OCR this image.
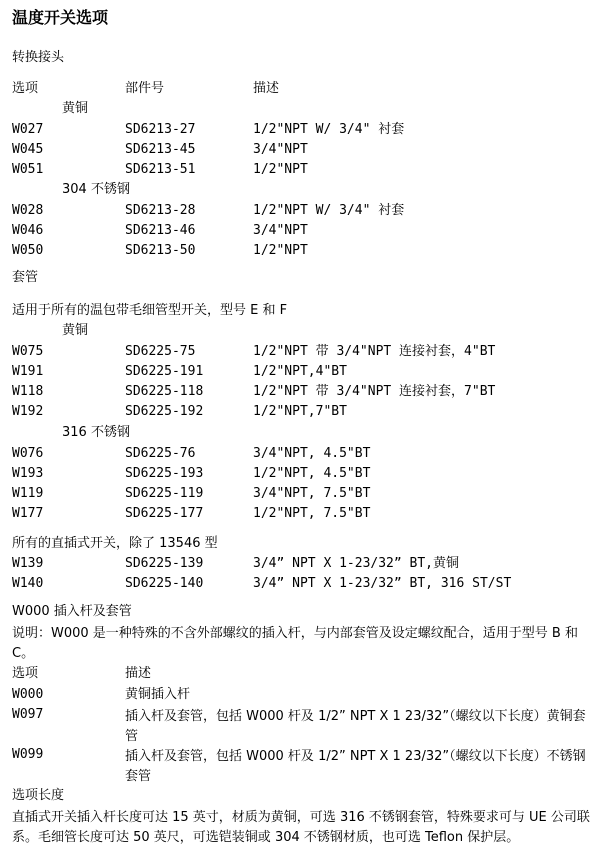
温度开关选项
转换接头
选项	部件号	描述
黄铜
W027	SD6213-27	1/2"NPT W/ 3/4" 衬套
W045	SD6213-45	3/4"NPT
W051	SD6213-51	1/2"NPT
304 不锈钢
W028	SD6213-28	1/2"NPT W/ 3/4" 衬套
W046	SD6213-46	3/4"NPT
W050	SD6213-50	1/2"NPT
套管
适用于所有的温包带毛细管型开关，型号 E 和 F
黄铜
W075	SD6225-75	1/2"NPT 带 3/4"NPT 连接衬套，4"BT
W191	SD6225-191	1/2"NPT,4"BT
W118	SD6225-118	1/2"NPT 带 3/4"NPT 连接衬套，7"BT
W192	SD6225-192	1/2"NPT,7"BT
316 不锈钢
W076	SD6225-76	3/4"NPT, 4.5"BT
W193	SD6225-193	1/2"NPT, 4.5"BT
W119	SD6225-119	3/4"NPT, 7.5"BT
W177	SD6225-177	1/2"NPT, 7.5"BT
所有的直插式开关，除了 13546 型
W139	SD6225-139	3/4” NPT X 1-23/32” BT,黄铜
W140	SD6225-140	3/4” NPT X 1-23/32” BT, 316 ST/ST
W000 插入杆及套管
说明：W000 是一种特殊的不含外部螺纹的插入杆，与内部套管及设定螺纹配合，适用于型号 B 和 C。
选项	描述
W000	黄铜插入杆
W097	插入杆及套管，包括 W000 杆及 1/2” NPT X 1 23/32”（螺纹以下长度）黄铜套管
W099	插入杆及套管，包括 W000 杆及 1/2” NPT X 1 23/32”（螺纹以下长度）不锈钢套管
选项长度
直插式开关插入杆长度可达 15 英寸，材质为黄铜，可选 316 不锈钢套管，特殊要求可与 UE 公司联系。毛细管长度可达 50 英尺，可选铠装铜或 304 不锈钢材质，也可选 Teflon 保护层。
